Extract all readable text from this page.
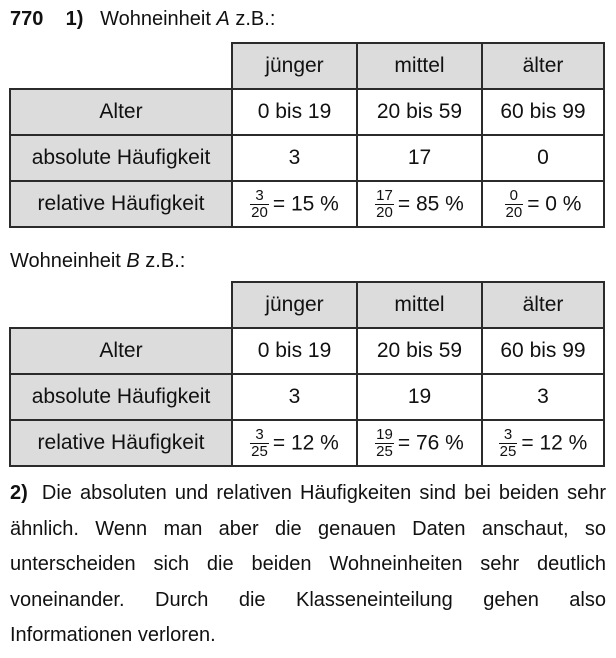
770 1) Wohneinheit A z.B.:
	jünger	mittel	älter
Alter	0 bis 19	20 bis 59	60 bis 99
absolute Häufigkeit	3	17	0
relative Häufigkeit	$\frac{3}{20} = 15$ %	$\frac{17}{20} = 85$ %	$\frac{0}{20} = 0$ %
Wohneinheit B z.B.:
	jünger	mittel	älter
Alter	0 bis 19	20 bis 59	60 bis 99
absolute Häufigkeit	3	19	3
relative Häufigkeit	$\frac{3}{25} = 12$ %	$\frac{19}{25} = 76$ %	$\frac{3}{25} = 12$ %
2) Die absoluten und relativen Häufigkeiten sind bei beiden sehr ähnlich. Wenn man aber die genauen Daten anschaut, so unterscheiden sich die beiden Wohneinheiten sehr deutlich voneinander. Durch die Klasseneinteilung gehen also Informationen verloren.
